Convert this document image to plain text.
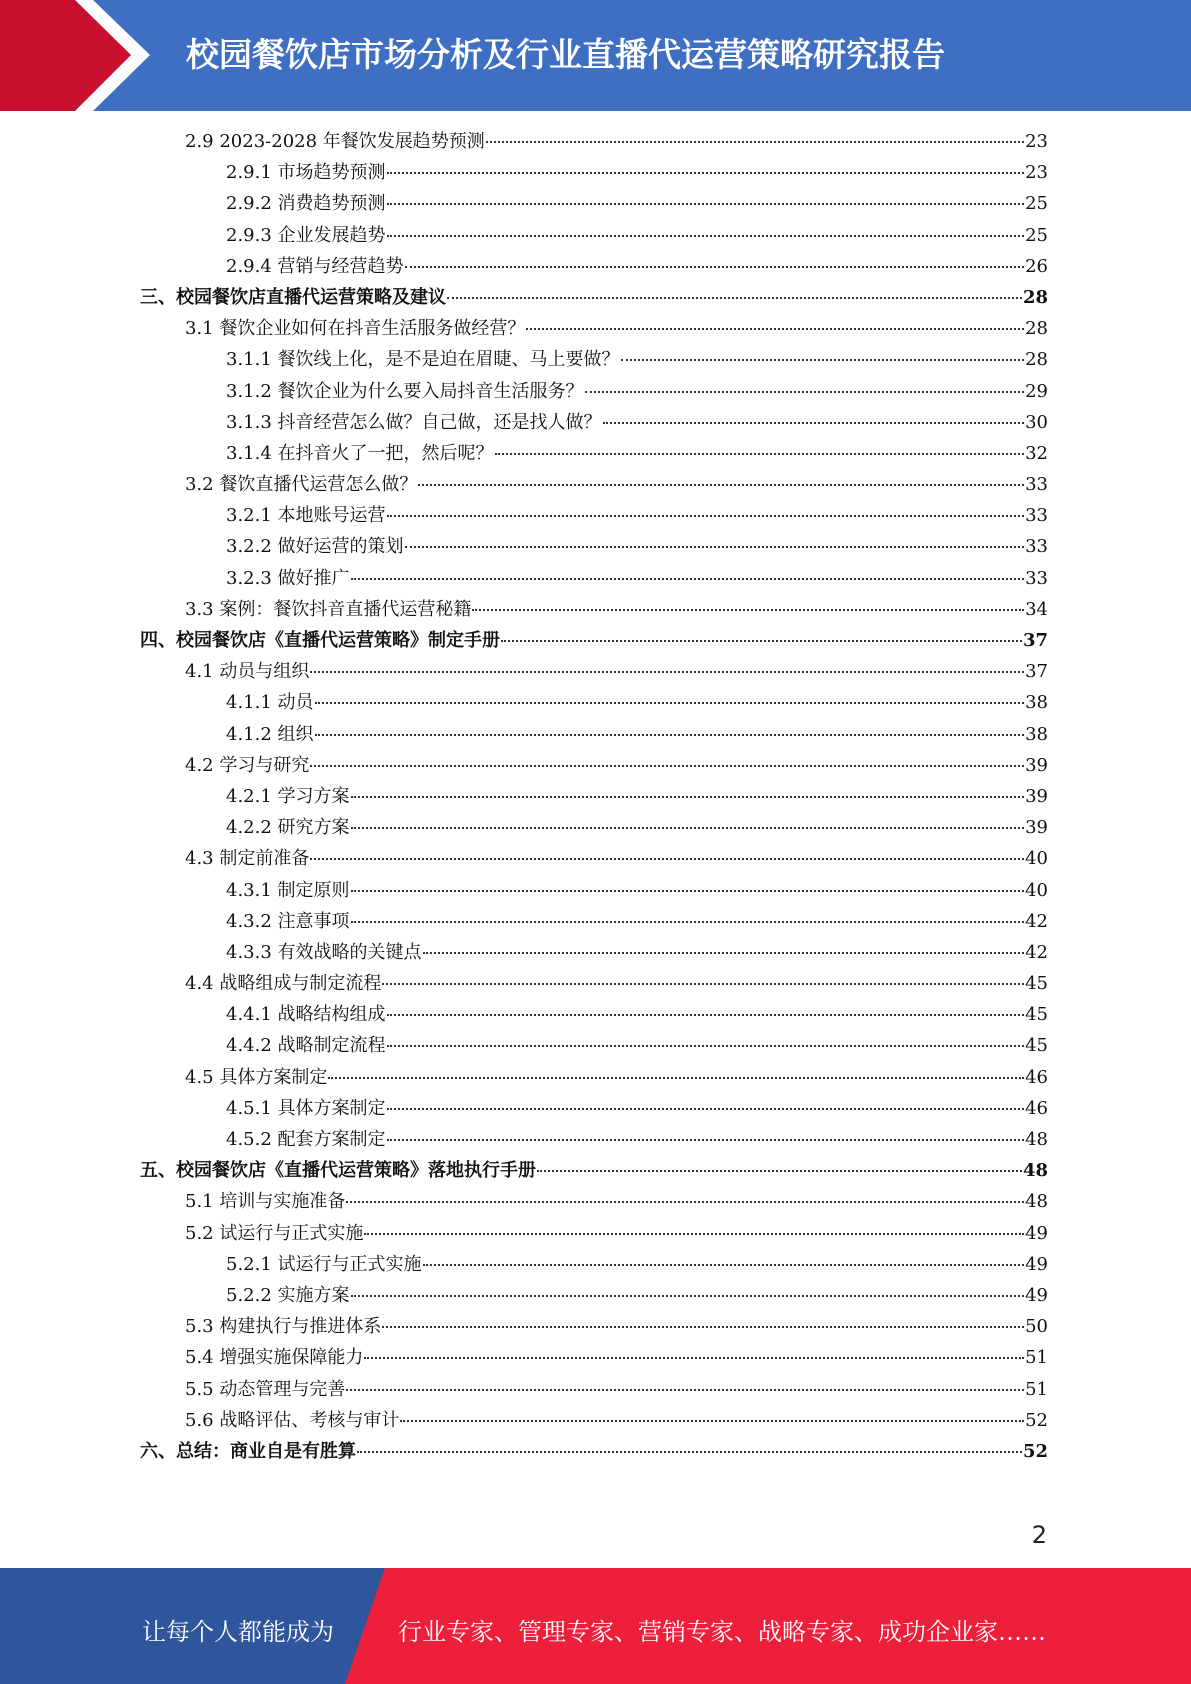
校园餐饮店市场分析及行业直播代运营策略研究报告
2.9 2023-2028 年餐饮发展趋势预测	23
2.9.1 市场趋势预测	23
2.9.2 消费趋势预测	25
2.9.3 企业发展趋势	25
2.9.4 营销与经营趋势	26
三、校园餐饮店直播代运营策略及建议	28
3.1 餐饮企业如何在抖音生活服务做经营？	28
3.1.1 餐饮线上化，是不是迫在眉睫、马上要做？	28
3.1.2 餐饮企业为什么要入局抖音生活服务？	29
3.1.3 抖音经营怎么做？自己做，还是找人做？	30
3.1.4 在抖音火了一把，然后呢？	32
3.2 餐饮直播代运营怎么做？	33
3.2.1 本地账号运营	33
3.2.2 做好运营的策划	33
3.2.3 做好推广	33
3.3 案例：餐饮抖音直播代运营秘籍	34
四、校园餐饮店《直播代运营策略》制定手册	37
4.1 动员与组织	37
4.1.1 动员	38
4.1.2 组织	38
4.2 学习与研究	39
4.2.1 学习方案	39
4.2.2 研究方案	39
4.3 制定前准备	40
4.3.1 制定原则	40
4.3.2 注意事项	42
4.3.3 有效战略的关键点	42
4.4 战略组成与制定流程	45
4.4.1 战略结构组成	45
4.4.2 战略制定流程	45
4.5 具体方案制定	46
4.5.1 具体方案制定	46
4.5.2 配套方案制定	48
五、校园餐饮店《直播代运营策略》落地执行手册	48
5.1 培训与实施准备	48
5.2 试运行与正式实施	49
5.2.1 试运行与正式实施	49
5.2.2 实施方案	49
5.3 构建执行与推进体系	50
5.4 增强实施保障能力	51
5.5 动态管理与完善	51
5.6 战略评估、考核与审计	52
六、总结：商业自是有胜算	52
2
让每个人都能成为	行业专家、管理专家、营销专家、战略专家、成功企业家……
